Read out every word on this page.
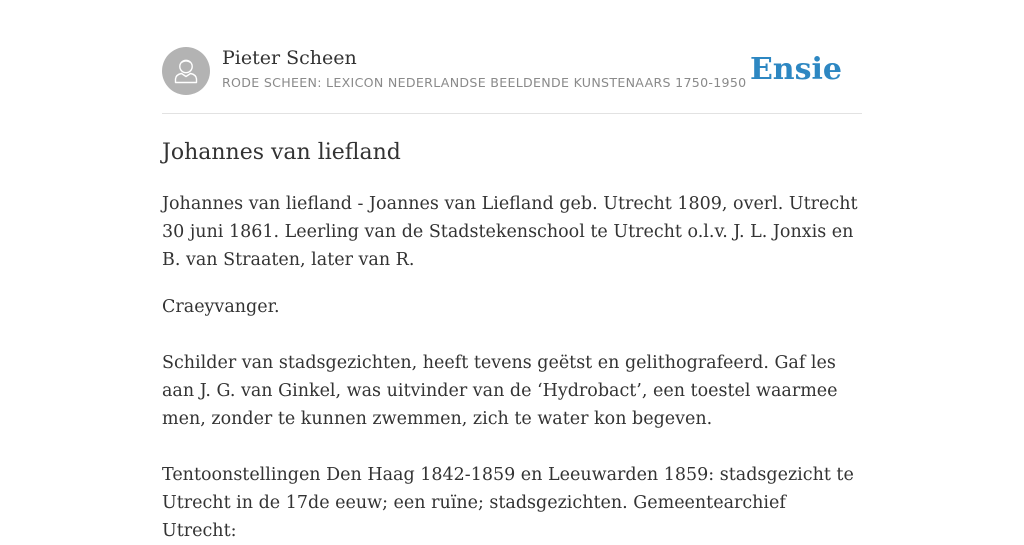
Pieter Scheen
RODE SCHEEN: LEXICON NEDERLANDSE BEELDENDE KUNSTENAARS 1750-1950 Ensie
Johannes van liefland

Johannes van liefland - Joannes van Liefland geb. Utrecht 1809, overl. Utrecht 30 juni 1861. Leerling van de Stadstekenschool te Utrecht o.l.v. J. L. Jonxis en B. van Straaten, later van R.

Craeyvanger.

Schilder van stadsgezichten, heeft tevens geëtst en gelithografeerd. Gaf les aan J. G. van Ginkel, was uitvinder van de ‘Hydrobact’, een toestel waarmee men, zonder te kunnen zwemmen, zich te water kon begeven.

Tentoonstellingen Den Haag 1842-1859 en Leeuwarden 1859: stadsgezicht te Utrecht in de 17de eeuw; een ruïne; stadsgezichten. Gemeentearchief Utrecht:
